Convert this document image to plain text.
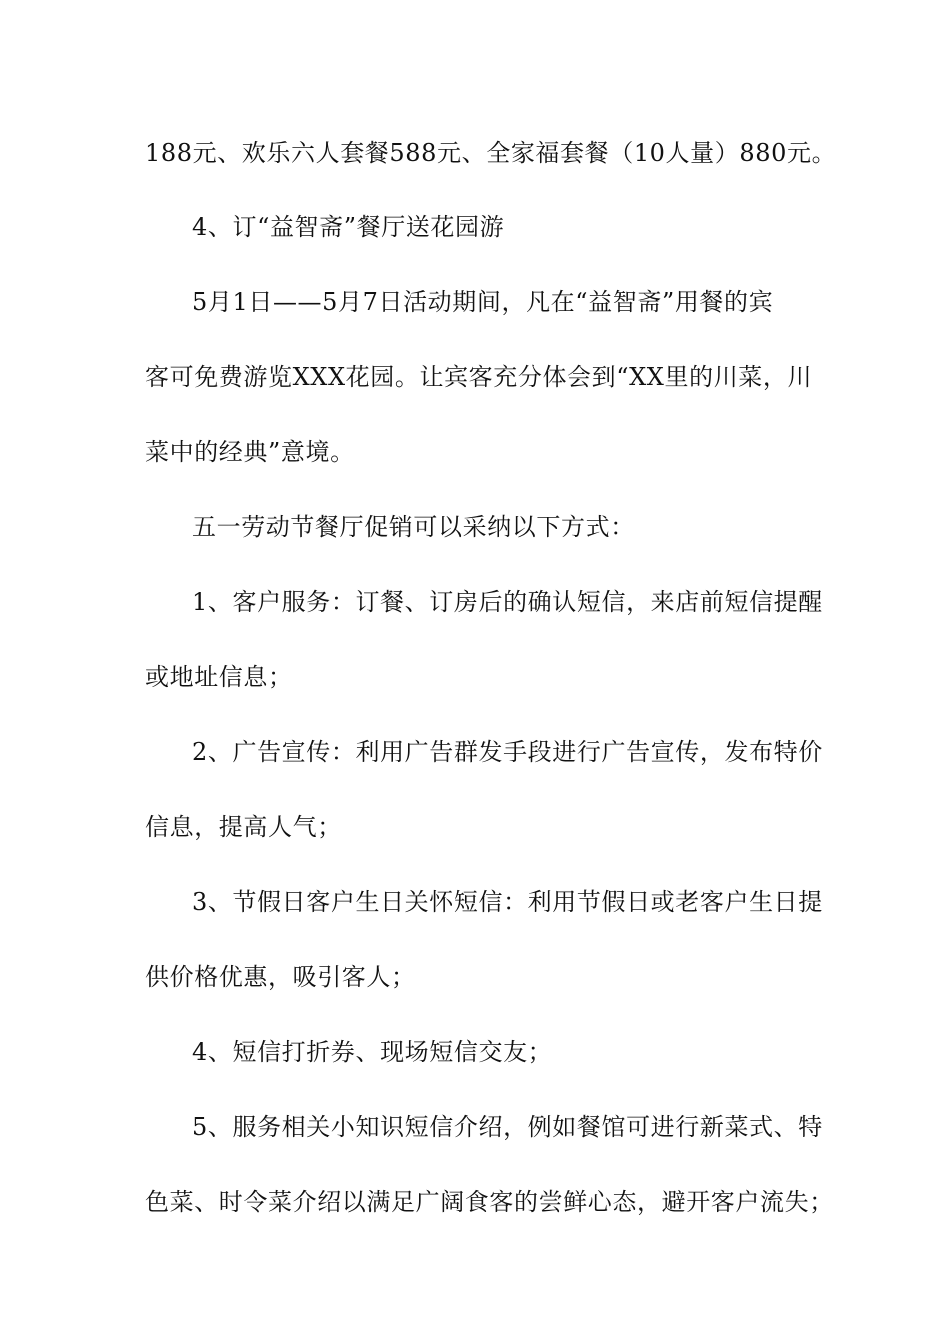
188元、欢乐六人套餐588元、全家福套餐（10人量）880元。
4、订“益智斋”餐厅送花园游
5月1日——5月7日活动期间，凡在“益智斋”用餐的宾
客可免费游览XXX花园。让宾客充分体会到“XX里的川菜，川
菜中的经典”意境。
五一劳动节餐厅促销可以采纳以下方式：
1、客户服务：订餐、订房后的确认短信，来店前短信提醒
或地址信息；
2、广告宣传：利用广告群发手段进行广告宣传，发布特价
信息，提高人气；
3、节假日客户生日关怀短信：利用节假日或老客户生日提
供价格优惠，吸引客人；
4、短信打折券、现场短信交友；
5、服务相关小知识短信介绍，例如餐馆可进行新菜式、特
色菜、时令菜介绍以满足广阔食客的尝鲜心态，避开客户流失；
